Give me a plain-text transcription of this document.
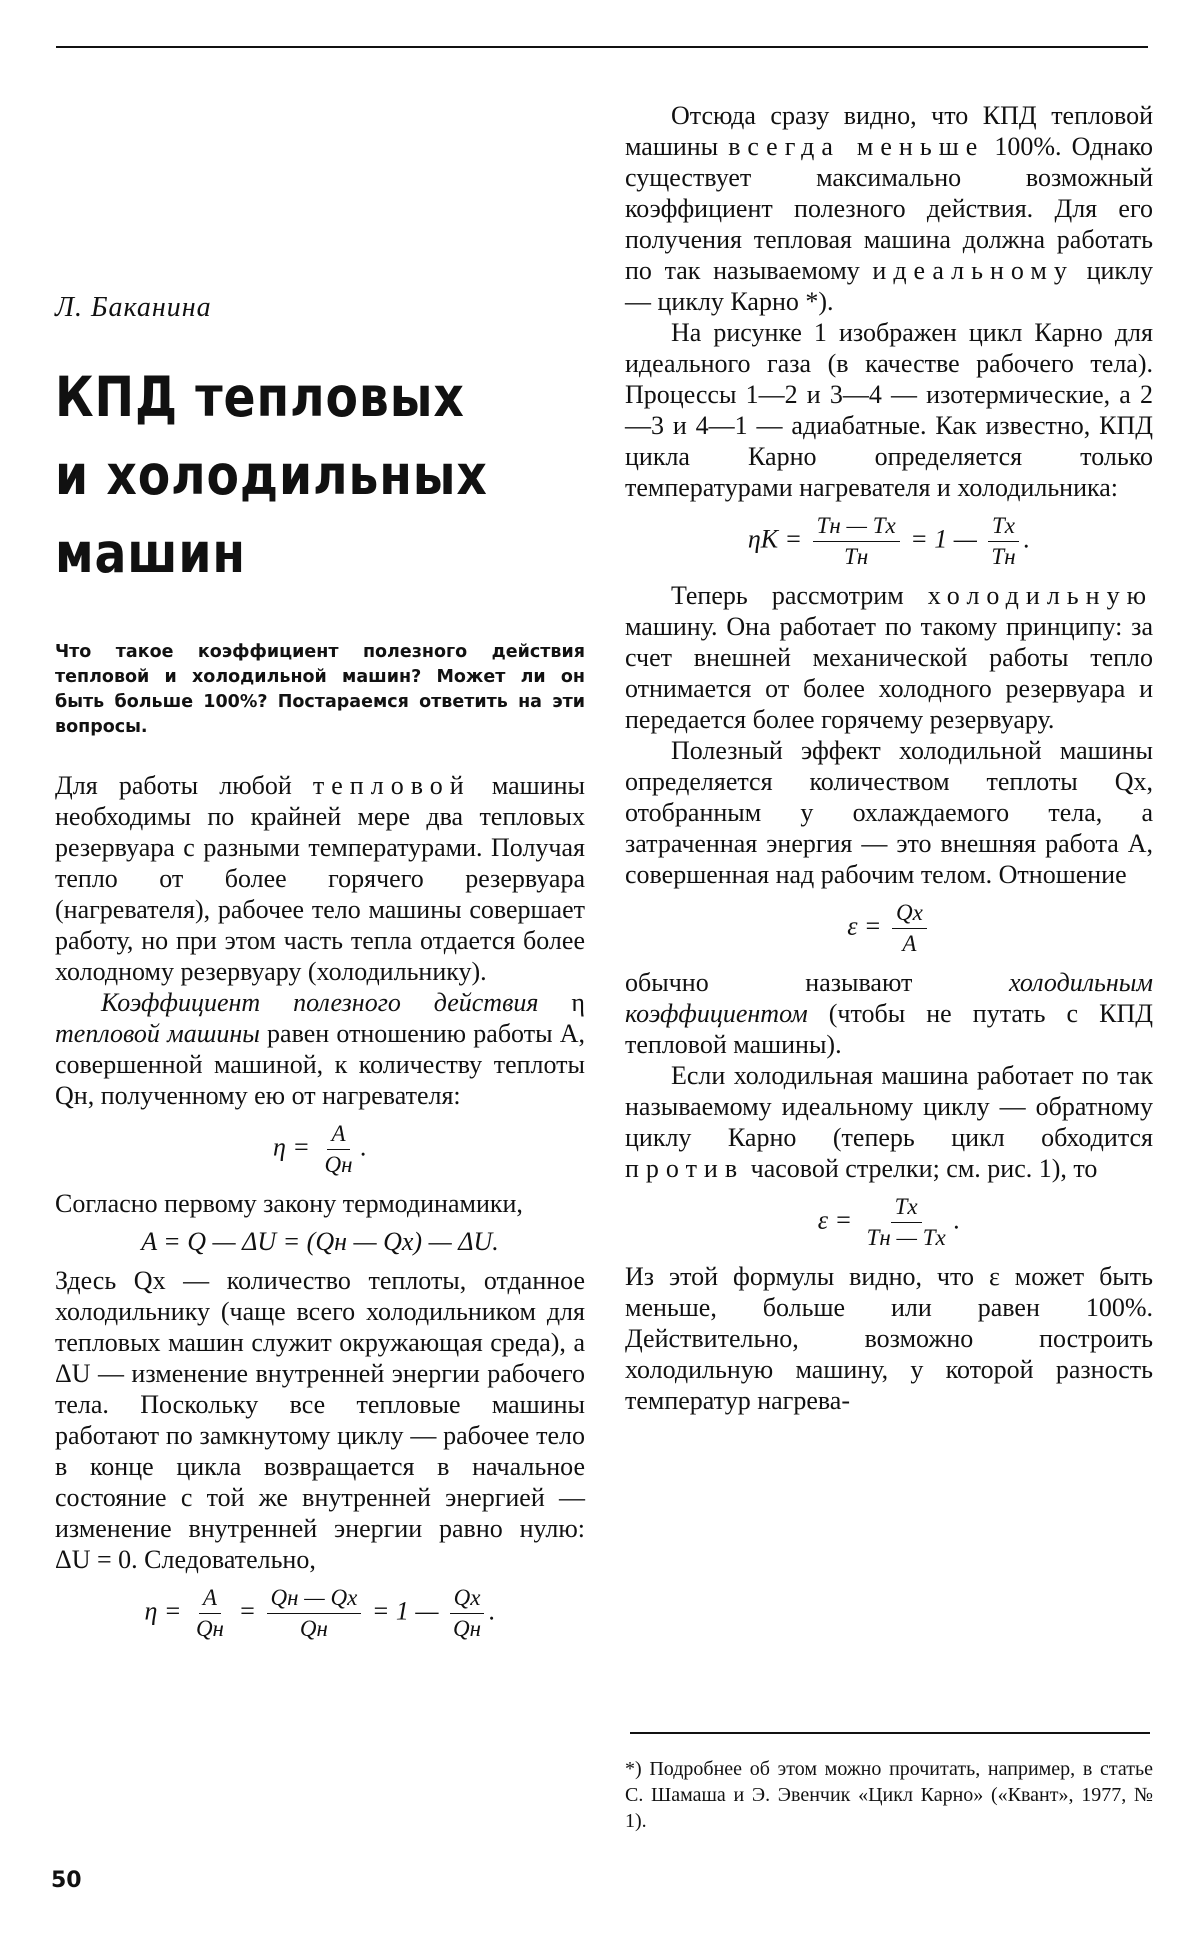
Л. Баканина
КПД тепловых
и холодильных
машин
Что такое коэффициент полезного действия тепловой и холодильной машин? Может ли он быть больше 100%? Постараемся ответить на эти вопросы.

Для работы любой тепловой машины необходимы по крайней мере два тепловых резервуара с разными температурами. Получая тепло от более горячего резервуара (нагревателя), рабочее тело машины совершает работу, но при этом часть тепла отдается более холодному резервуару (холодильнику).

Коэффициент полезного действия η тепловой машины равен отношению работы A, совершенной машиной, к количеству теплоты Qн, полученному ею от нагревателя:

$\eta = \frac{A}{Qн}$ .

Согласно первому закону термодинамики,

A = Q — ΔU = (Qн — Qх) — ΔU.

Здесь Qх — количество теплоты, отданное холодильнику (чаще всего холодильником для тепловых машин служит окружающая среда), а ΔU — изменение внутренней энергии рабочего тела. Поскольку все тепловые машины работают по замкнутому циклу — рабочее тело в конце цикла возвращается в начальное состояние с той же внутренней энергией — изменение внутренней энергии равно нулю: ΔU = 0. Следовательно,

$\eta = \frac{A}{Qн} = \frac{Qн — Qх}{Qн} = 1$ — $\frac{Qх}{Qн}$ .

Отсюда сразу видно, что КПД тепловой машины всегда меньше 100%. Однако существует максимально возможный коэффициент полезного действия. Для его получения тепловая машина должна работать по так называемому идеальному циклу — циклу Карно *).

На рисунке 1 изображен цикл Карно для идеального газа (в качестве рабочего тела). Процессы 1—2 и 3—4 — изотермические, а 2—3 и 4—1 — адиабатные. Как известно, КПД цикла Карно определяется только температурами нагревателя и холодильника:

$\eta К = \frac{Tн — Tх}{Tн} = 1$ — $\frac{Tх}{Tн}$ .

Теперь рассмотрим холодильную машину. Она работает по такому принципу: за счет внешней механической работы тепло отнимается от более холодного резервуара и передается более горячему резервуару.

Полезный эффект холодильной машины определяется количеством теплоты Qх, отобранным у охлаждаемого тела, а затраченная энергия — это внешняя работа A, совершенная над рабочим телом. Отношение

$\varepsilon = \frac{Qх}{A}$

обычно называют холодильным коэффициентом (чтобы не путать с КПД тепловой машины).

Если холодильная машина работает по так называемому идеальному циклу — обратному циклу Карно (теперь цикл обходится против часовой стрелки; см. рис. 1), то

$\varepsilon = \frac{Tх}{Tн — Tх}$ .

Из этой формулы видно, что ε может быть меньше, больше или равен 100%. Действительно, возможно построить холодильную машину, у которой разность температур нагрева-

*) Подробнее об этом можно прочитать, например, в статье С. Шамаша и Э. Эвенчик «Цикл Карно» («Квант», 1977, № 1).
50
